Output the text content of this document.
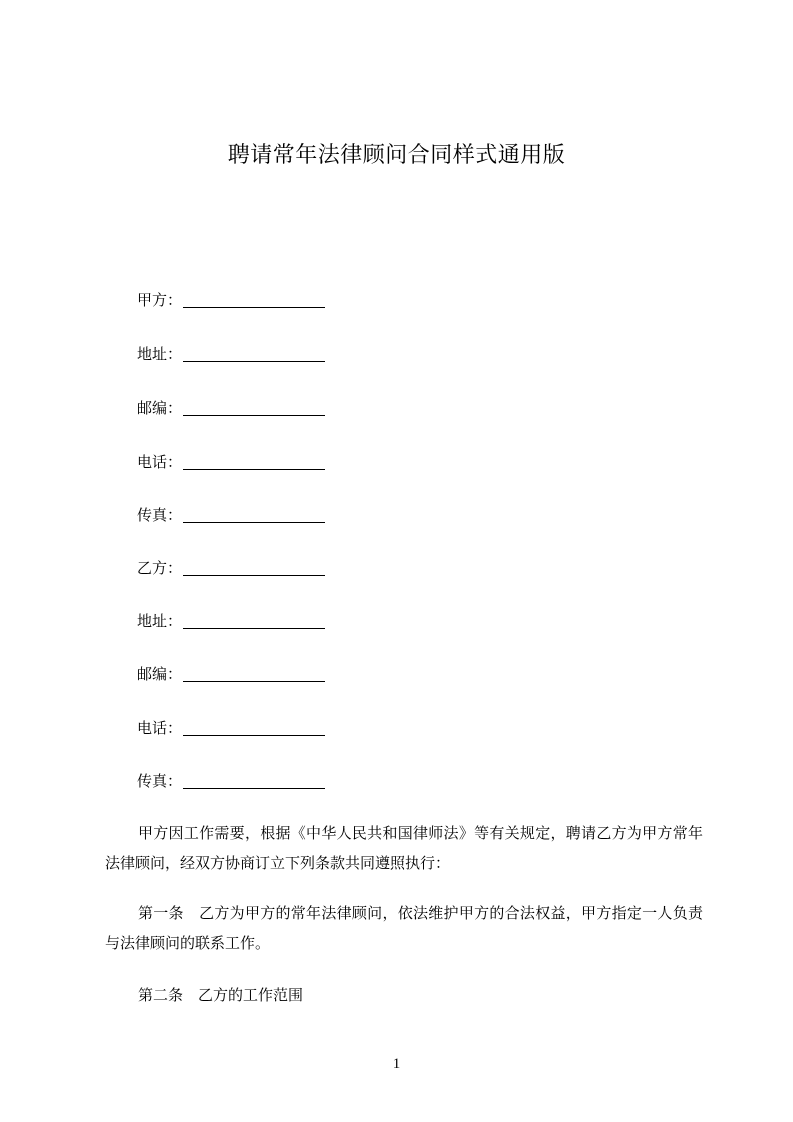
聘请常年法律顾问合同样式通用版
甲方：
地址：
邮编：
电话：
传真：
乙方：
地址：
邮编：
电话：
传真：

甲方因工作需要，根据《中华人民共和国律师法》等有关规定，聘请乙方为甲方常年法律顾问，经双方协商订立下列条款共同遵照执行：

第一条　乙方为甲方的常年法律顾问，依法维护甲方的合法权益，甲方指定一人负责与法律顾问的联系工作。

第二条　乙方的工作范围

1
